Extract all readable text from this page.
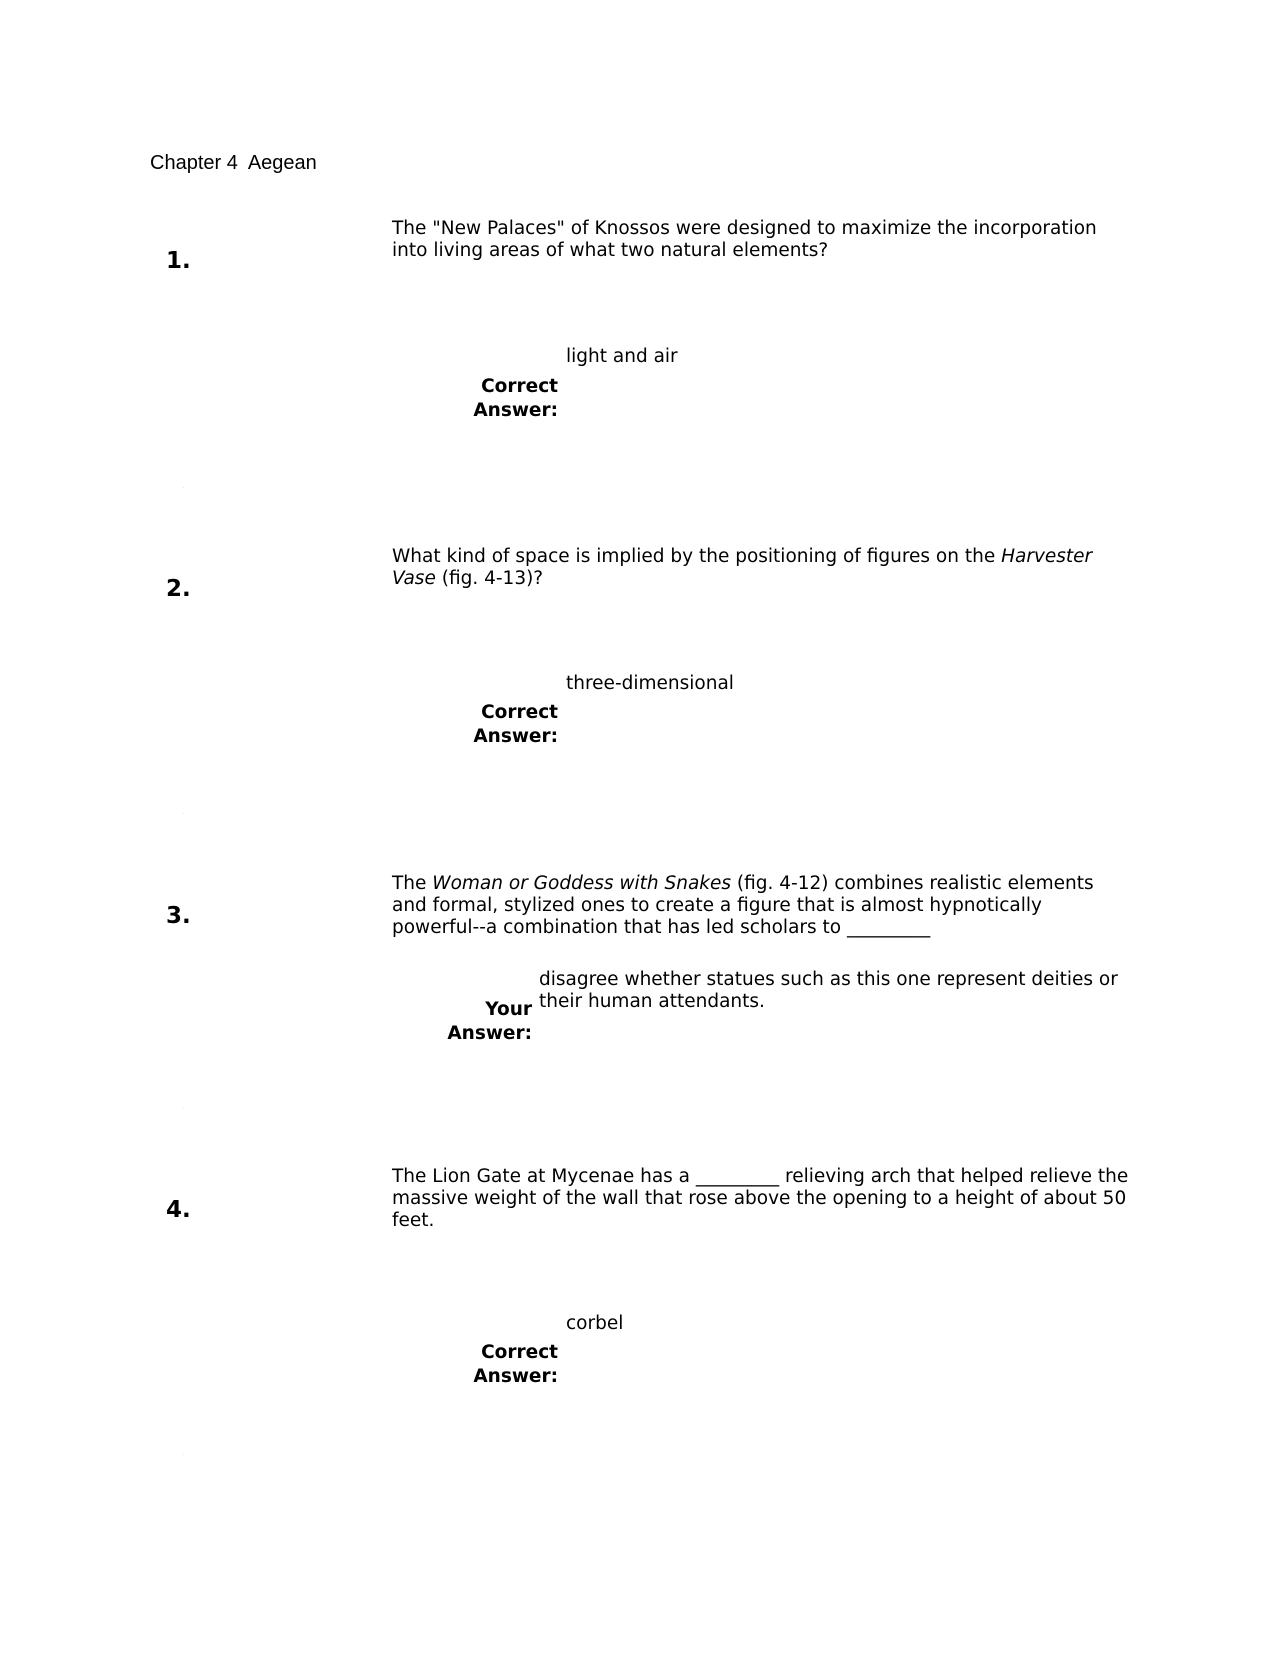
Chapter 4  Aegean
1.
The "New Palaces" of Knossos were designed to maximize the incorporation into living areas of what two natural elements?
light and air
Correct
Answer:
2.
What kind of space is implied by the positioning of figures on the Harvester Vase (fig. 4-13)?
three-dimensional
Correct
Answer:
3.
The Woman or Goddess with Snakes (fig. 4-12) combines realistic elements and formal, stylized ones to create a figure that is almost hypnotically powerful--a combination that has led scholars to _________
disagree whether statues such as this one represent deities or their human attendants.
Your
Answer:
4.
The Lion Gate at Mycenae has a _________ relieving arch that helped relieve the massive weight of the wall that rose above the opening to a height of about 50 feet.
corbel
Correct
Answer:
